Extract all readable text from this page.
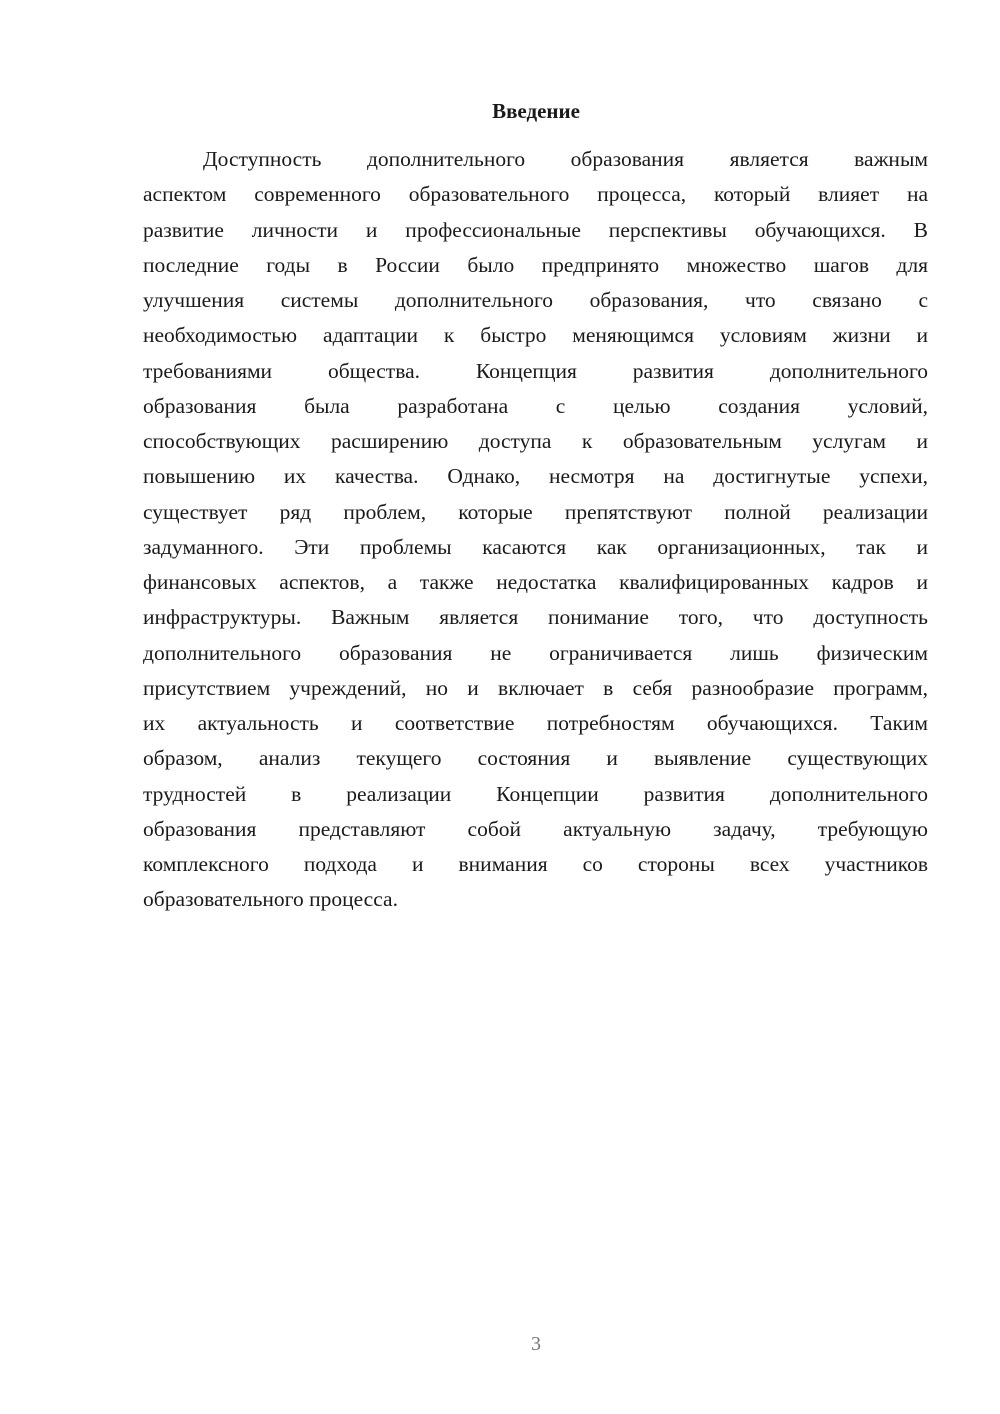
Введение
Доступность дополнительного образования является важным
аспектом современного образовательного процесса, который влияет на
развитие личности и профессиональные перспективы обучающихся. В
последние годы в России было предпринято множество шагов для
улучшения системы дополнительного образования, что связано с
необходимостью адаптации к быстро меняющимся условиям жизни и
требованиями общества. Концепция развития дополнительного
образования была разработана с целью создания условий,
способствующих расширению доступа к образовательным услугам и
повышению их качества. Однако, несмотря на достигнутые успехи,
существует ряд проблем, которые препятствуют полной реализации
задуманного. Эти проблемы касаются как организационных, так и
финансовых аспектов, а также недостатка квалифицированных кадров и
инфраструктуры. Важным является понимание того, что доступность
дополнительного образования не ограничивается лишь физическим
присутствием учреждений, но и включает в себя разнообразие программ,
их актуальность и соответствие потребностям обучающихся. Таким
образом, анализ текущего состояния и выявление существующих
трудностей в реализации Концепции развития дополнительного
образования представляют собой актуальную задачу, требующую
комплексного подхода и внимания со стороны всех участников
образовательного процесса.
3
